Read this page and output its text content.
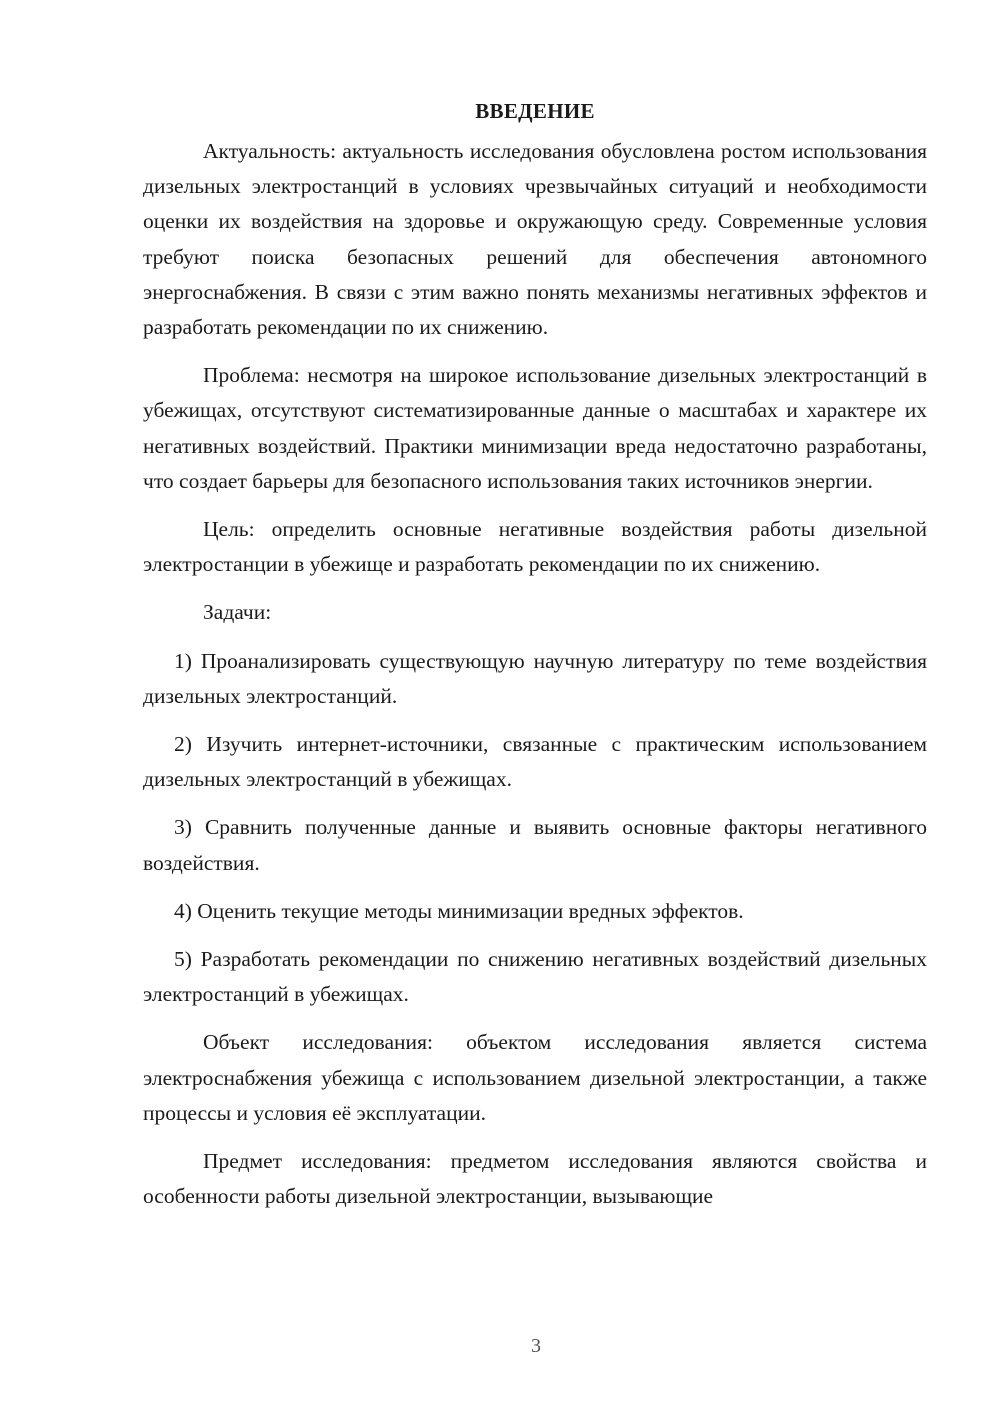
ВВЕДЕНИЕ

Актуальность: актуальность исследования обусловлена ростом использования дизельных электростанций в условиях чрезвычайных ситуаций и необходимости оценки их воздействия на здоровье и окружающую среду. Современные условия требуют поиска безопасных решений для обеспечения автономного энергоснабжения. В связи с этим важно понять механизмы негативных эффектов и разработать рекомендации по их снижению.

Проблема: несмотря на широкое использование дизельных электростанций в убежищах, отсутствуют систематизированные данные о масштабах и характере их негативных воздействий. Практики минимизации вреда недостаточно разработаны, что создает барьеры для безопасного использования таких источников энергии.

Цель: определить основные негативные воздействия работы дизельной электростанции в убежище и разработать рекомендации по их снижению.

Задачи:

1) Проанализировать существующую научную литературу по теме воздействия дизельных электростанций.

2) Изучить интернет-источники, связанные с практическим использованием дизельных электростанций в убежищах.

3) Сравнить полученные данные и выявить основные факторы негативного воздействия.

4) Оценить текущие методы минимизации вредных эффектов.

5) Разработать рекомендации по снижению негативных воздействий дизельных электростанций в убежищах.

Объект исследования: объектом исследования является система электроснабжения убежища с использованием дизельной электростанции, а также процессы и условия её эксплуатации.

Предмет исследования: предметом исследования являются свойства и особенности работы дизельной электростанции, вызывающие

3
